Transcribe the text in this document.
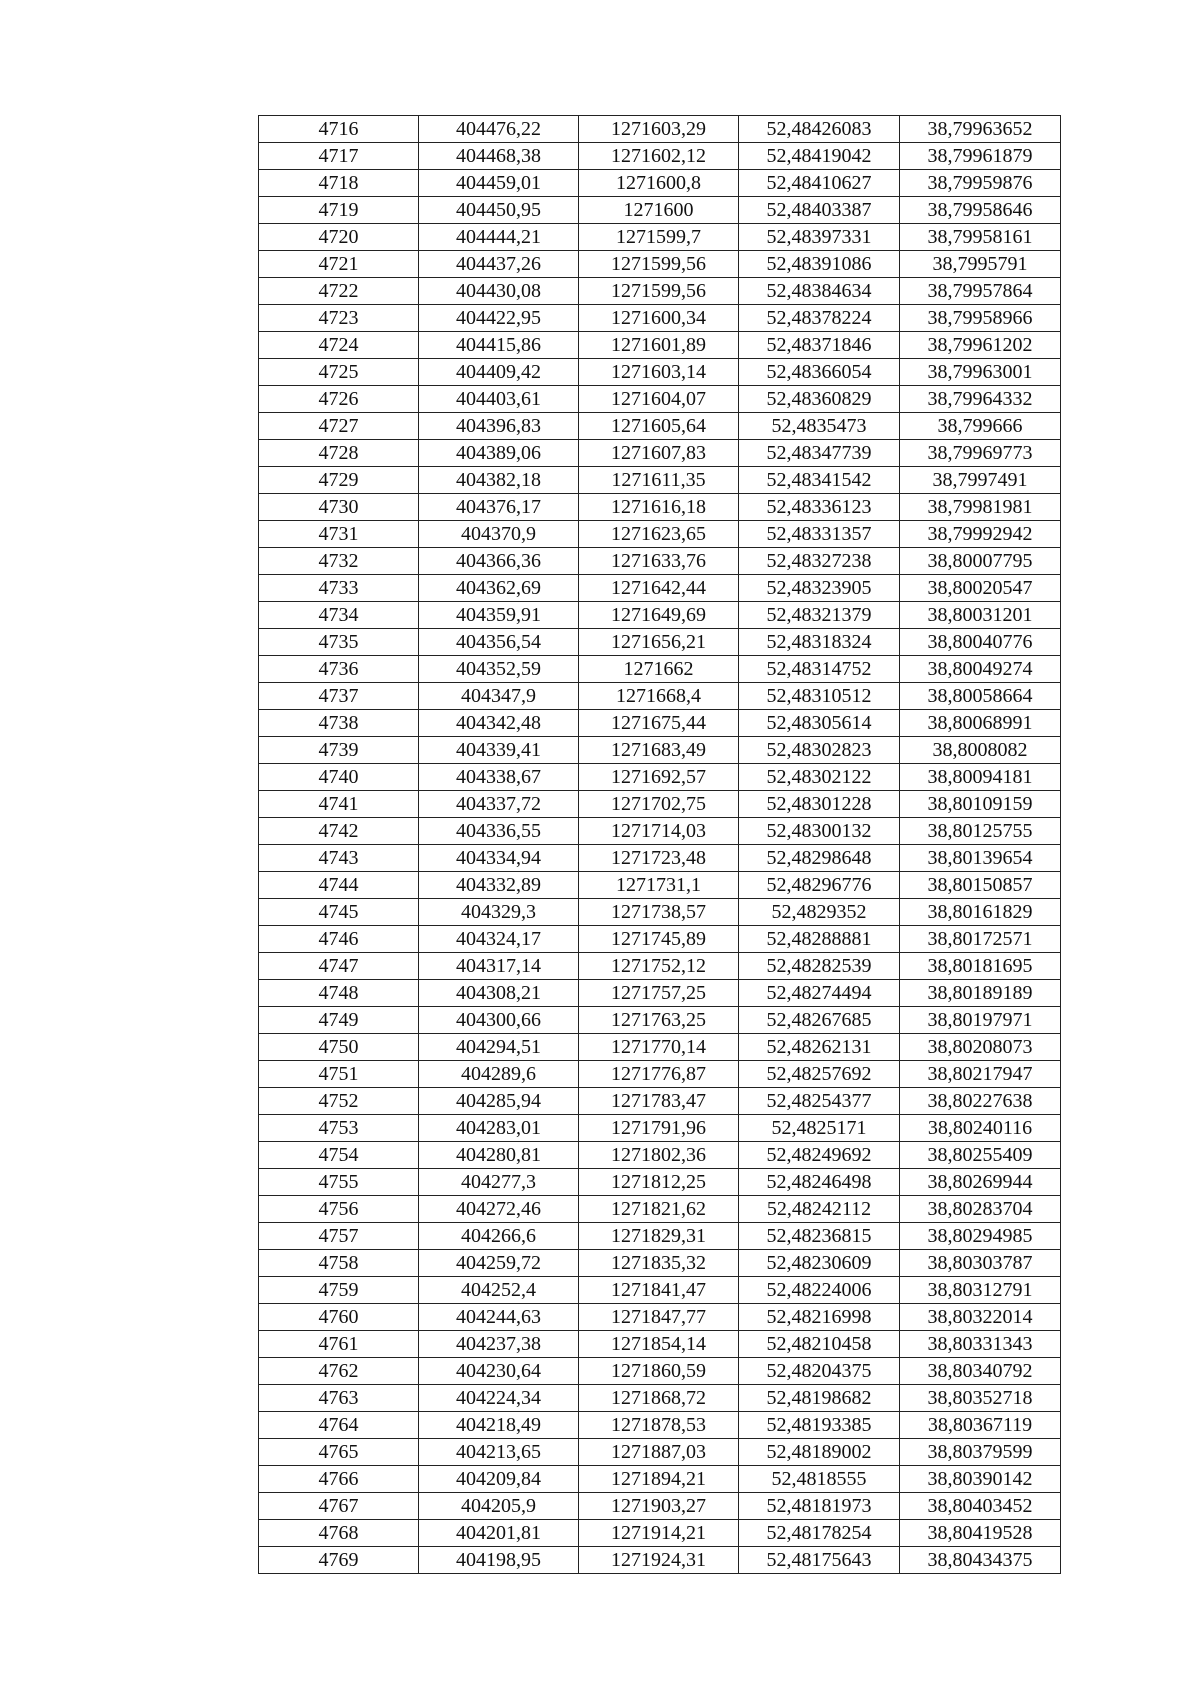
4716	404476,22	1271603,29	52,48426083	38,79963652
4717	404468,38	1271602,12	52,48419042	38,79961879
4718	404459,01	1271600,8	52,48410627	38,79959876
4719	404450,95	1271600	52,48403387	38,79958646
4720	404444,21	1271599,7	52,48397331	38,79958161
4721	404437,26	1271599,56	52,48391086	38,7995791
4722	404430,08	1271599,56	52,48384634	38,79957864
4723	404422,95	1271600,34	52,48378224	38,79958966
4724	404415,86	1271601,89	52,48371846	38,79961202
4725	404409,42	1271603,14	52,48366054	38,79963001
4726	404403,61	1271604,07	52,48360829	38,79964332
4727	404396,83	1271605,64	52,4835473	38,799666
4728	404389,06	1271607,83	52,48347739	38,79969773
4729	404382,18	1271611,35	52,48341542	38,7997491
4730	404376,17	1271616,18	52,48336123	38,79981981
4731	404370,9	1271623,65	52,48331357	38,79992942
4732	404366,36	1271633,76	52,48327238	38,80007795
4733	404362,69	1271642,44	52,48323905	38,80020547
4734	404359,91	1271649,69	52,48321379	38,80031201
4735	404356,54	1271656,21	52,48318324	38,80040776
4736	404352,59	1271662	52,48314752	38,80049274
4737	404347,9	1271668,4	52,48310512	38,80058664
4738	404342,48	1271675,44	52,48305614	38,80068991
4739	404339,41	1271683,49	52,48302823	38,8008082
4740	404338,67	1271692,57	52,48302122	38,80094181
4741	404337,72	1271702,75	52,48301228	38,80109159
4742	404336,55	1271714,03	52,48300132	38,80125755
4743	404334,94	1271723,48	52,48298648	38,80139654
4744	404332,89	1271731,1	52,48296776	38,80150857
4745	404329,3	1271738,57	52,4829352	38,80161829
4746	404324,17	1271745,89	52,48288881	38,80172571
4747	404317,14	1271752,12	52,48282539	38,80181695
4748	404308,21	1271757,25	52,48274494	38,80189189
4749	404300,66	1271763,25	52,48267685	38,80197971
4750	404294,51	1271770,14	52,48262131	38,80208073
4751	404289,6	1271776,87	52,48257692	38,80217947
4752	404285,94	1271783,47	52,48254377	38,80227638
4753	404283,01	1271791,96	52,4825171	38,80240116
4754	404280,81	1271802,36	52,48249692	38,80255409
4755	404277,3	1271812,25	52,48246498	38,80269944
4756	404272,46	1271821,62	52,48242112	38,80283704
4757	404266,6	1271829,31	52,48236815	38,80294985
4758	404259,72	1271835,32	52,48230609	38,80303787
4759	404252,4	1271841,47	52,48224006	38,80312791
4760	404244,63	1271847,77	52,48216998	38,80322014
4761	404237,38	1271854,14	52,48210458	38,80331343
4762	404230,64	1271860,59	52,48204375	38,80340792
4763	404224,34	1271868,72	52,48198682	38,80352718
4764	404218,49	1271878,53	52,48193385	38,80367119
4765	404213,65	1271887,03	52,48189002	38,80379599
4766	404209,84	1271894,21	52,4818555	38,80390142
4767	404205,9	1271903,27	52,48181973	38,80403452
4768	404201,81	1271914,21	52,48178254	38,80419528
4769	404198,95	1271924,31	52,48175643	38,80434375
